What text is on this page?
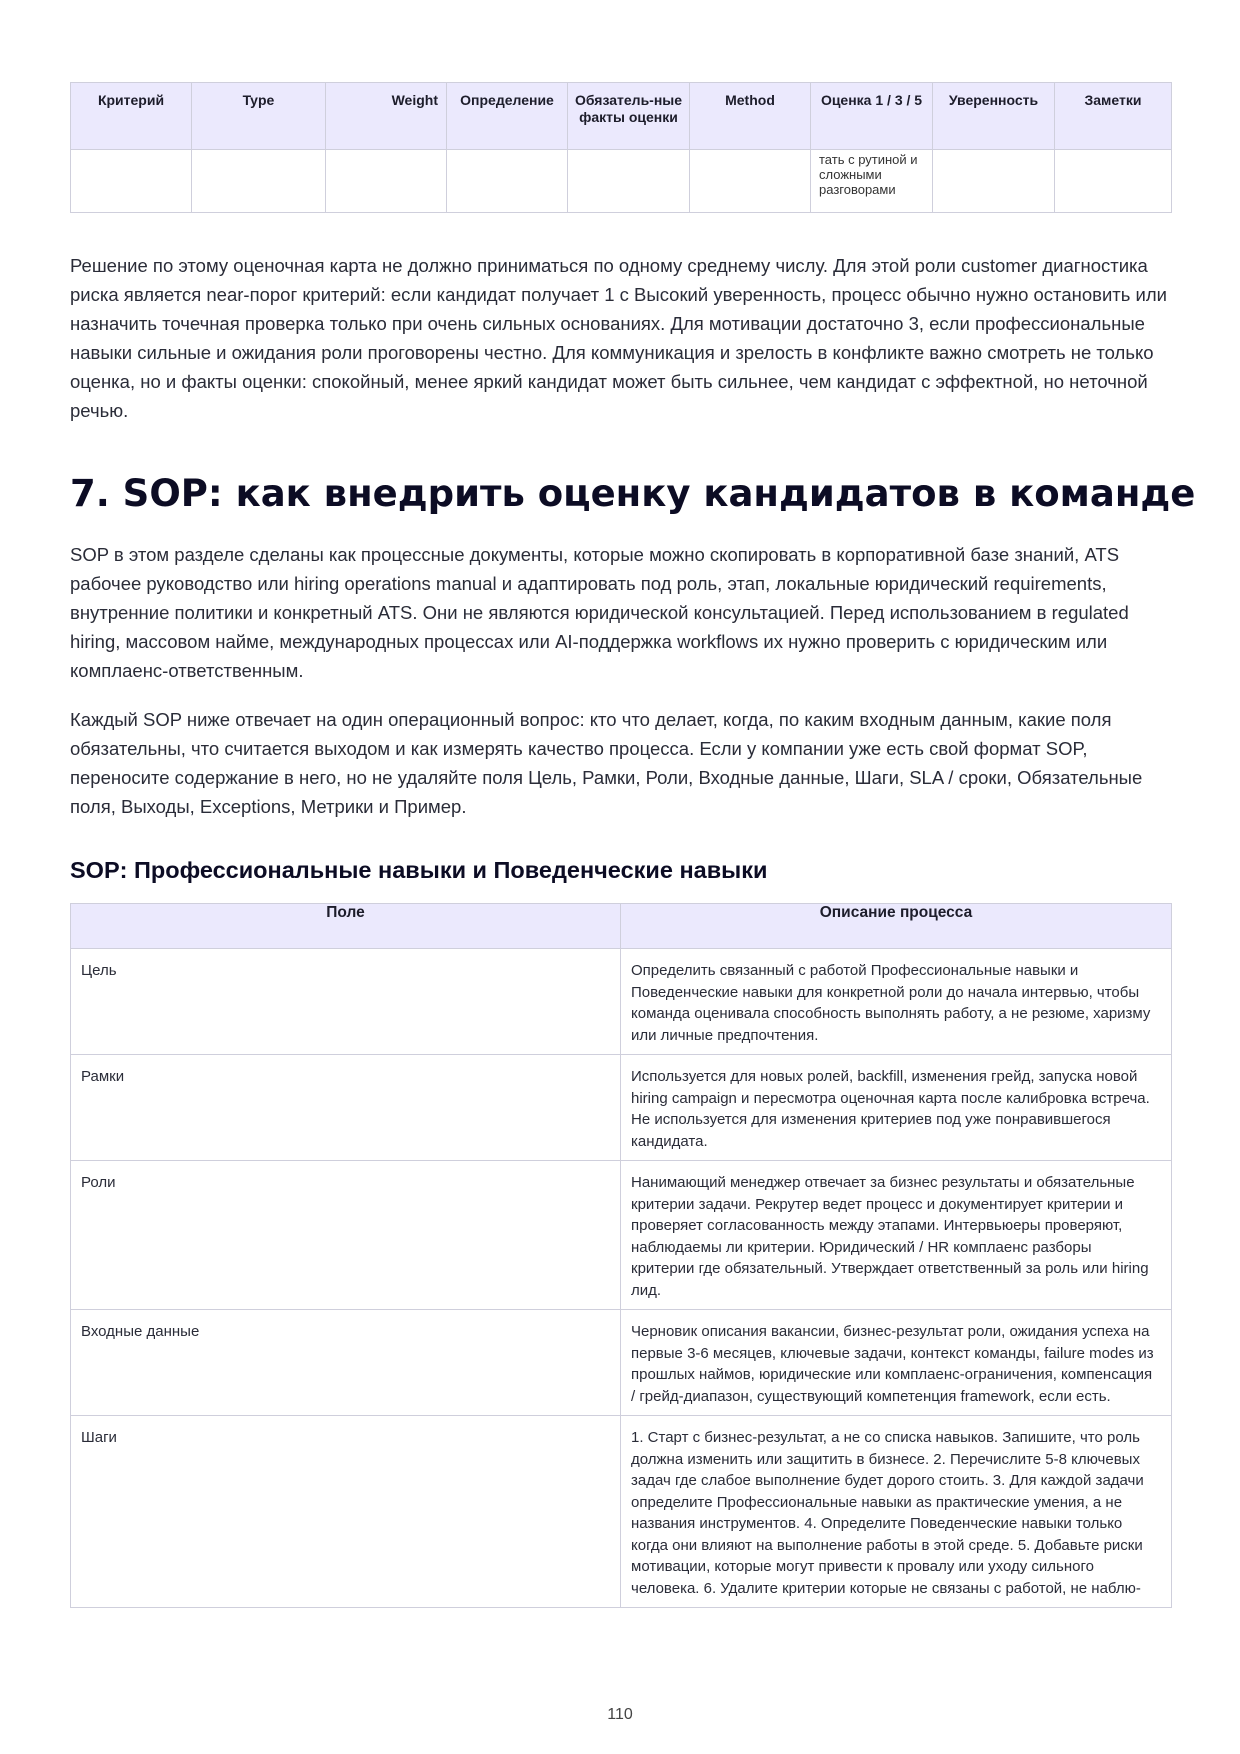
Критерий	Type	Weight	Определение	Обязатель-ные факты оценки	Method	Оценка 1 / 3 / 5	Уверенность	Заметки
						тать с рутиной и сложными разговорами		

Решение по этому оценочная карта не должно приниматься по одному среднему числу. Для этой роли customer диагностика риска является near-порог критерий: если кандидат получает 1 с Высокий уверенность, процесс обычно нужно остановить или назначить точечная проверка только при очень сильных основаниях. Для мотивации достаточно 3, если профессиональные навыки сильные и ожидания роли проговорены честно. Для коммуникация и зрелость в конфликте важно смотреть не только оценка, но и факты оценки: спокойный, менее яркий кандидат может быть сильнее, чем кандидат с эффектной, но неточной речью.

7. SOP: как внедрить оценку кандидатов в команде

SOP в этом разделе сделаны как процессные документы, которые можно скопировать в корпоративной базе знаний, ATS рабочее руководство или hiring operations manual и адаптировать под роль, этап, локальные юридический requirements, внутренние политики и конкретный ATS. Они не являются юридической консультацией. Перед использованием в regulated hiring, массовом найме, международных процессах или AI-поддержка workflows их нужно проверить с юридическим или комплаенс-ответственным.

Каждый SOP ниже отвечает на один операционный вопрос: кто что делает, когда, по каким входным данным, какие поля обязательны, что считается выходом и как измерять качество процесса. Если у компании уже есть свой формат SOP, переносите содержание в него, но не удаляйте поля Цель, Рамки, Роли, Входные данные, Шаги, SLA / сроки, Обязательные поля, Выходы, Exceptions, Метрики и Пример.

SOP: Профессиональные навыки и Поведенческие навыки
Поле	Описание процесса
Цель	Определить связанный с работой Профессиональные навыки и Поведенческие навыки для конкретной роли до начала интервью, чтобы команда оценивала способность выполнять работу, а не резюме, харизму или личные предпочтения.
Рамки	Используется для новых ролей, backfill, изменения грейд, запуска новой hiring campaign и пересмотра оценочная карта после калибровка встреча. Не используется для изменения критериев под уже понравившегося кандидата.
Роли	Нанимающий менеджер отвечает за бизнес результаты и обязательные критерии задачи. Рекрутер ведет процесс и документирует критерии и проверяет согласованность между этапами. Интервьюеры проверяют, наблюдаемы ли критерии. Юридический / HR комплаенс разборы критерии где обязательный. Утверждает ответственный за роль или hiring лид.
Входные данные	Черновик описания вакансии, бизнес-результат роли, ожидания успеха на первые 3-6 месяцев, ключевые задачи, контекст команды, failure modes из прошлых наймов, юридические или комплаенс-ограничения, компенсация / грейд-диапазон, существующий компетенция framework, если есть.
Шаги	1. Старт с бизнес-результат, а не со списка навыков. Запишите, что роль должна изменить или защитить в бизнесе. 2. Перечислите 5-8 ключевых задач где слабое выполнение будет дорого стоить. 3. Для каждой задачи определите Профессиональные навыки as практические умения, а не названия инструментов. 4. Определите Поведенческие навыки только когда они влияют на выполнение работы в этой среде. 5. Добавьте риски мотивации, которые могут привести к провалу или уходу сильного человека. 6. Удалите критерии которые не связаны с работой, не наблю-
110
